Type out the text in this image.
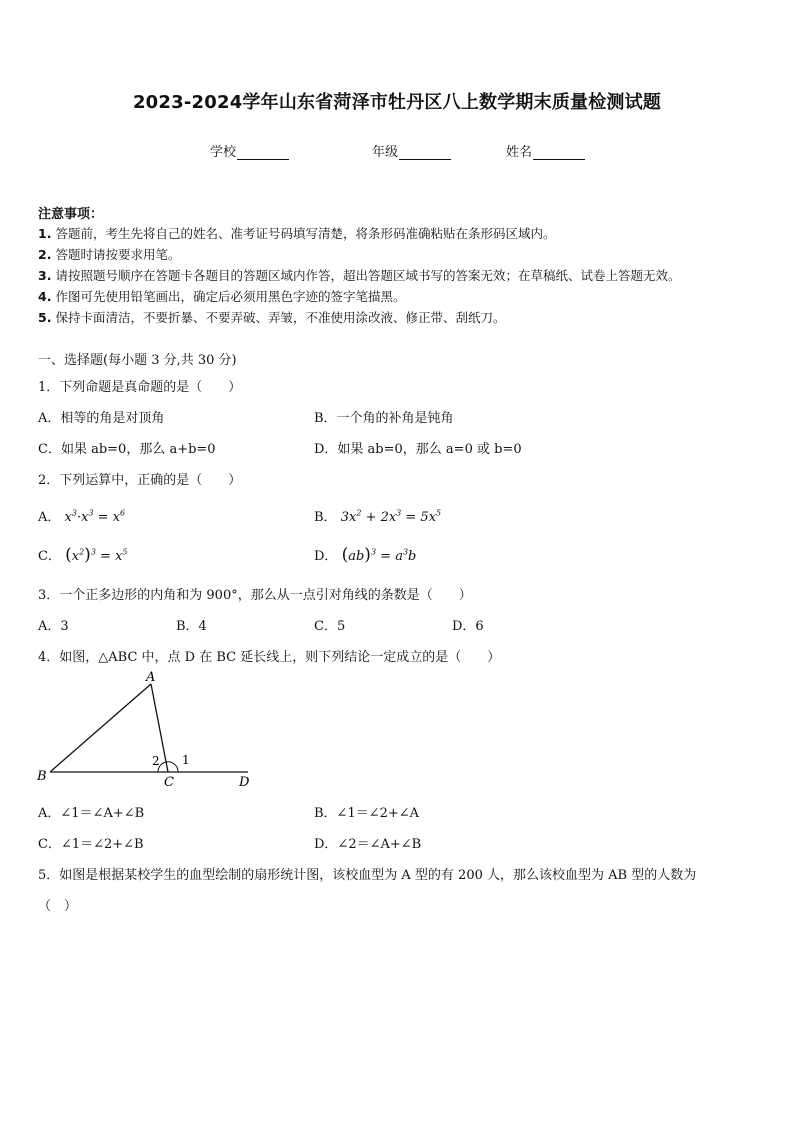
2023-2024学年山东省菏泽市牡丹区八上数学期末质量检测试题
学校	年级	姓名
注意事项：
1. 答题前，考生先将自己的姓名、准考证号码填写清楚，将条形码准确粘贴在条形码区域内。
2. 答题时请按要求用笔。
3. 请按照题号顺序在答题卡各题目的答题区域内作答，超出答题区域书写的答案无效；在草稿纸、试卷上答题无效。
4. 作图可先使用铅笔画出，确定后必须用黑色字迹的签字笔描黑。
5. 保持卡面清洁，不要折暴、不要弄破、弄皱，不准使用涂改液、修正带、刮纸刀。
一、选择题(每小题 3 分,共 30 分)
1．下列命题是真命题的是（　　）
A．相等的角是对顶角	B．一个角的补角是钝角
C．如果 ab=0，那么 a+b=0	D．如果 ab=0，那么 a=0 或 b=0
2．下列运算中，正确的是（　　）
A． $x^3\cdot x^3 = x^6$	B． $3x^2 + 2x^3 = 5x^5$
C． $(x^2)^3 = x^5$	D． $(ab)^3 = a^3b$
3．一个正多边形的内角和为 900°，那么从一点引对角线的条数是（　　）
A．3	B．4	C．5	D．6
4．如图，△ABC 中，点 D 在 BC 延长线上，则下列结论一定成立的是（　　）
A
B	C	D
1
2
A．∠1＝∠A+∠B	B．∠1＝∠2+∠A
C．∠1＝∠2+∠B	D．∠2＝∠A+∠B
5．如图是根据某校学生的血型绘制的扇形统计图，该校血型为 A 型的有 200 人，那么该校血型为 AB 型的人数为
（　）
